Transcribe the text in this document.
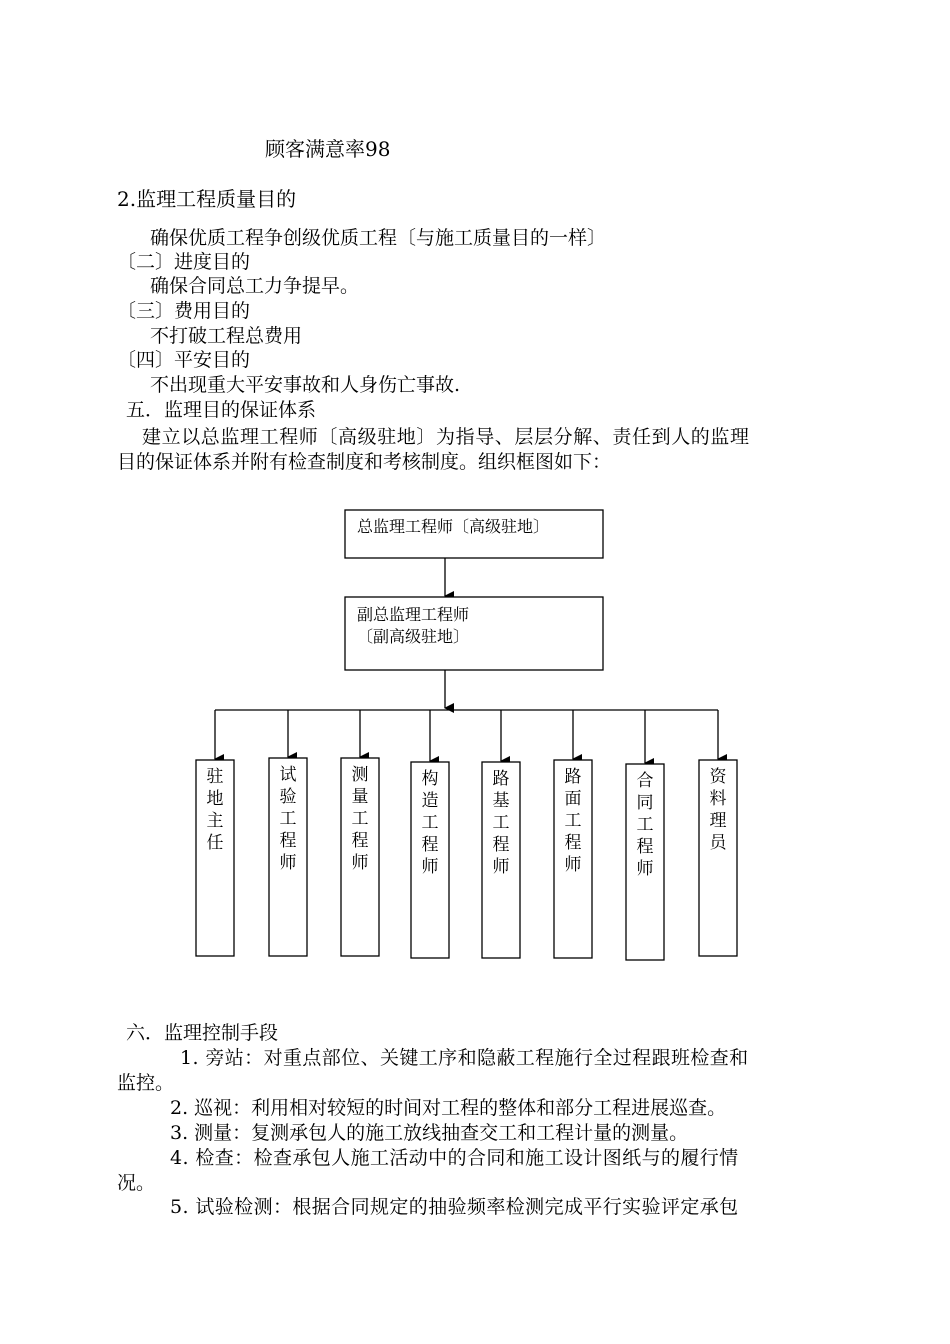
顾客满意率98
2.监理工程质量目的
确保优质工程争创级优质工程〔与施工质量目的一样〕
〔二〕进度目的
确保合同总工力争提早。
〔三〕费用目的
不打破工程总费用
〔四〕平安目的
不出现重大平安事故和人身伤亡事故.
五．监理目的保证体系
建立以总监理工程师〔高级驻地〕为指导、层层分解、责任到人的监理
目的保证体系并附有检查制度和考核制度。组织框图如下：
总监理工程师〔高级驻地〕
副总监理工程师
〔副高级驻地〕
六．监理控制手段
1. 旁站：对重点部位、关键工序和隐蔽工程施行全过程跟班检查和
监控。
2. 巡视：利用相对较短的时间对工程的整体和部分工程进展巡查。
3. 测量：复测承包人的施工放线抽查交工和工程计量的测量。
4. 检查：检查承包人施工活动中的合同和施工设计图纸与的履行情
况。
5. 试验检测：根据合同规定的抽验频率检测完成平行实验评定承包
驻地主任
试验工程师
测量工程师
构造工程师
路基工程师
路面工程师
合同工程师
资料理员
